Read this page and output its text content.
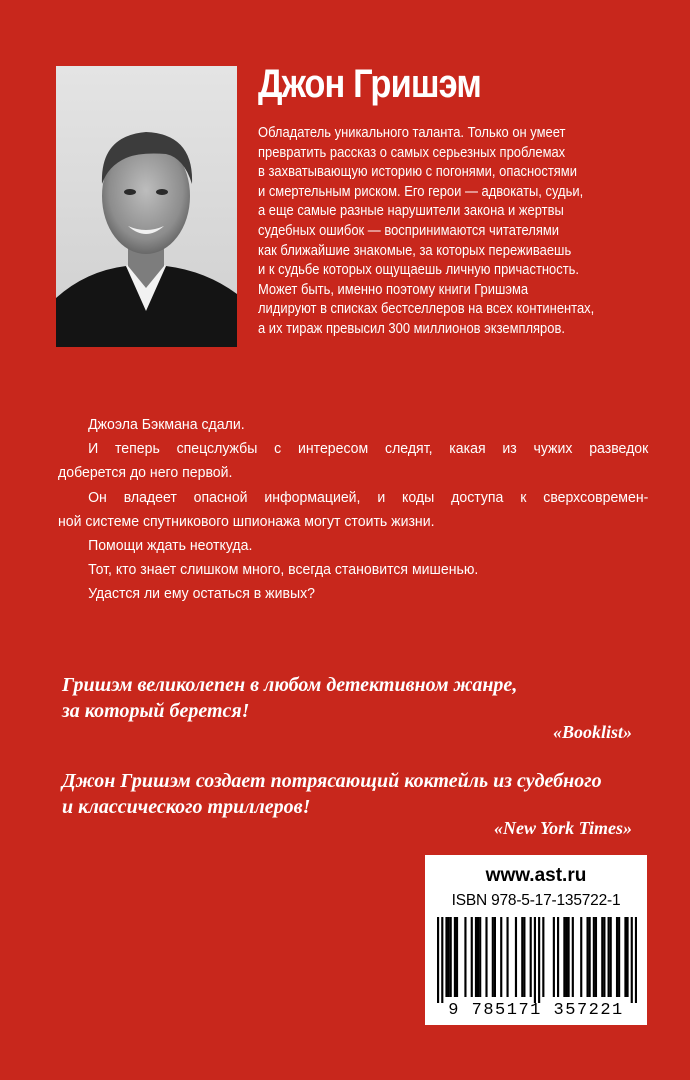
Джон Гришэм
Обладатель уникального таланта. Только он умеет
превратить рассказ о самых серьезных проблемах
в захватывающую историю с погонями, опасностями
и смертельным риском. Его герои — адвокаты, судьи,
а еще самые разные нарушители закона и жертвы
судебных ошибок — воспринимаются читателями
как ближайшие знакомые, за которых переживаешь
и к судьбе которых ощущаешь личную причастность.
Может быть, именно поэтому книги Гришэма
лидируют в списках бестселлеров на всех континентах,
а их тираж превысил 300 миллионов экземпляров.
Джоэла Бэкмана сдали.
И теперь спецслужбы с интересом следят, какая из чужих разведок
доберется до него первой.
Он владеет опасной информацией, и коды доступа к сверхсовремен-
ной системе спутникового шпионажа могут стоить жизни.
Помощи ждать неоткуда.
Тот, кто знает слишком много, всегда становится мишенью.
Удастся ли ему остаться в живых?
Гришэм великолепен в любом детективном жанре,
за который берется!
«Booklist»
Джон Гришэм создает потрясающий коктейль из судебного
и классического триллеров!
«New York Times»
www.ast.ru
ISBN 978-5-17-135722-1
9 785171 357221
